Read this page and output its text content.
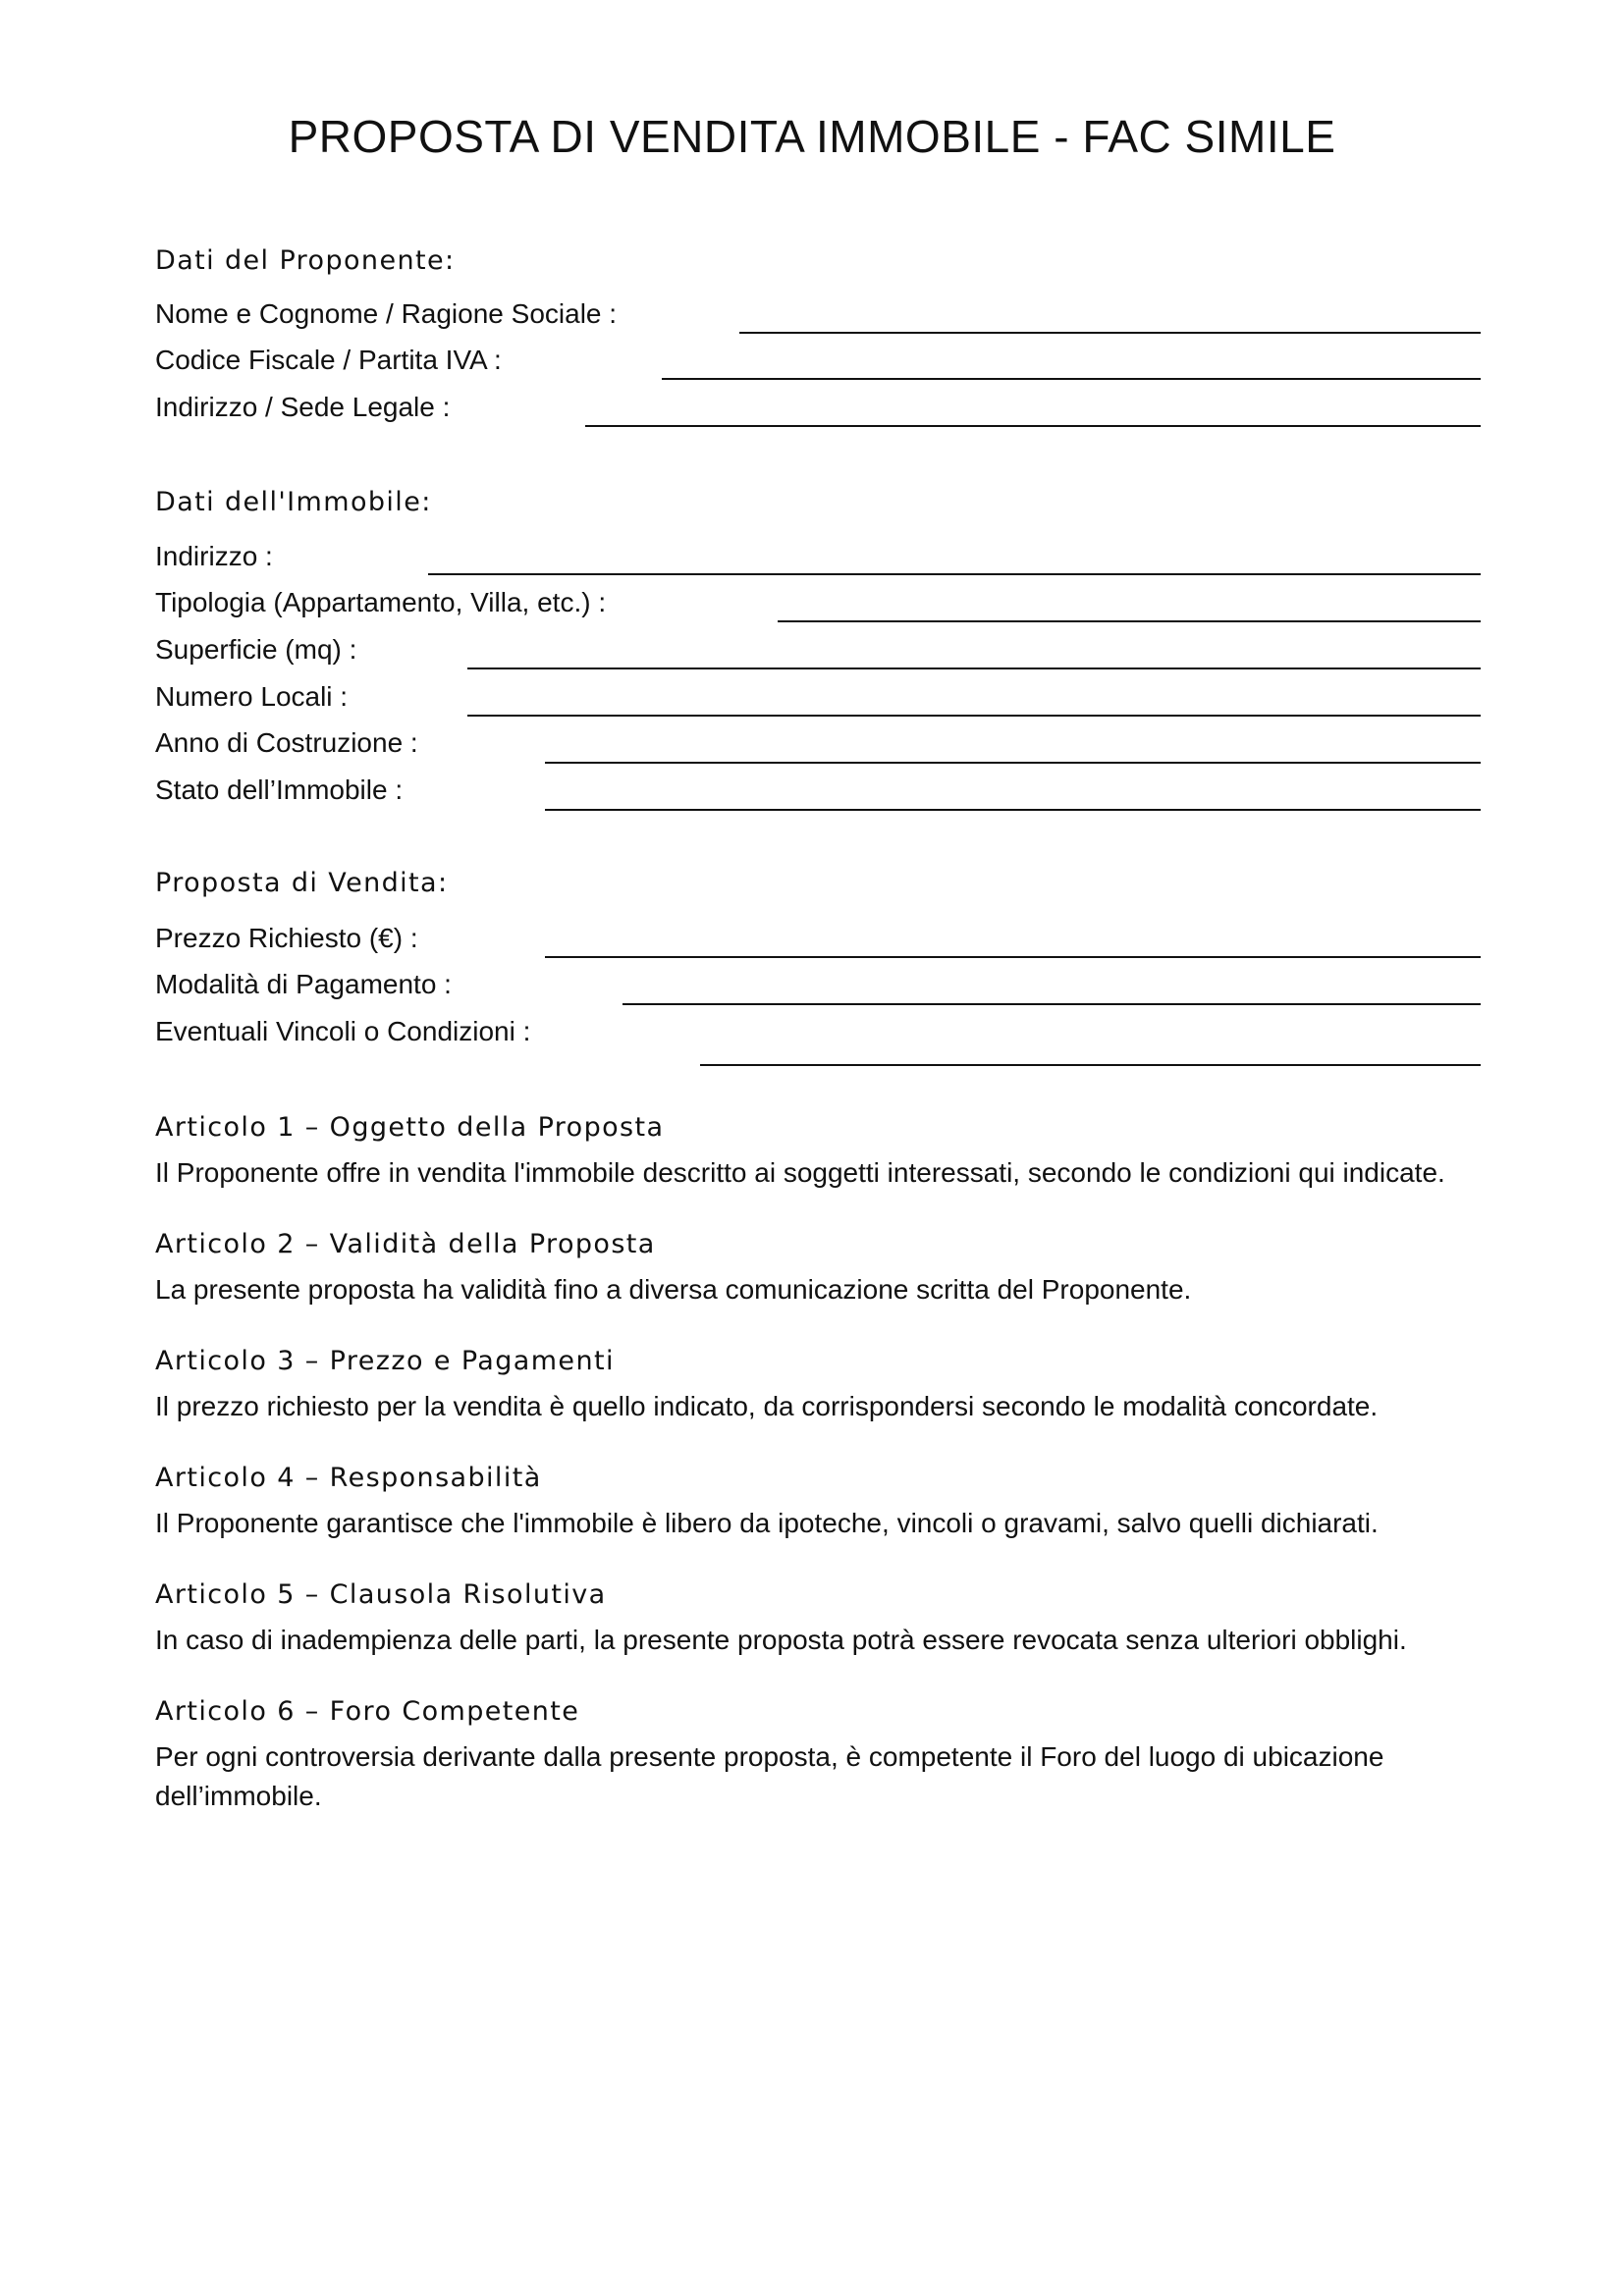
PROPOSTA DI VENDITA IMMOBILE - FAC SIMILE
Dati del Proponente:
Nome e Cognome / Ragione Sociale :
Codice Fiscale / Partita IVA :
Indirizzo / Sede Legale :
Dati dell'Immobile:
Indirizzo :
Tipologia (Appartamento, Villa, etc.) :
Superficie (mq) :
Numero Locali :
Anno di Costruzione :
Stato dell’Immobile :
Proposta di Vendita:
Prezzo Richiesto (€) :
Modalità di Pagamento :
Eventuali Vincoli o Condizioni :
Articolo 1 – Oggetto della Proposta
Il Proponente offre in vendita l'immobile descritto ai soggetti interessati, secondo le condizioni qui indicate.
Articolo 2 – Validità della Proposta
La presente proposta ha validità fino a diversa comunicazione scritta del Proponente.
Articolo 3 – Prezzo e Pagamenti
Il prezzo richiesto per la vendita è quello indicato, da corrispondersi secondo le modalità concordate.
Articolo 4 – Responsabilità
Il Proponente garantisce che l'immobile è libero da ipoteche, vincoli o gravami, salvo quelli dichiarati.
Articolo 5 – Clausola Risolutiva
In caso di inadempienza delle parti, la presente proposta potrà essere revocata senza ulteriori obblighi.
Articolo 6 – Foro Competente
Per ogni controversia derivante dalla presente proposta, è competente il Foro del luogo di ubicazione
dell’immobile.
